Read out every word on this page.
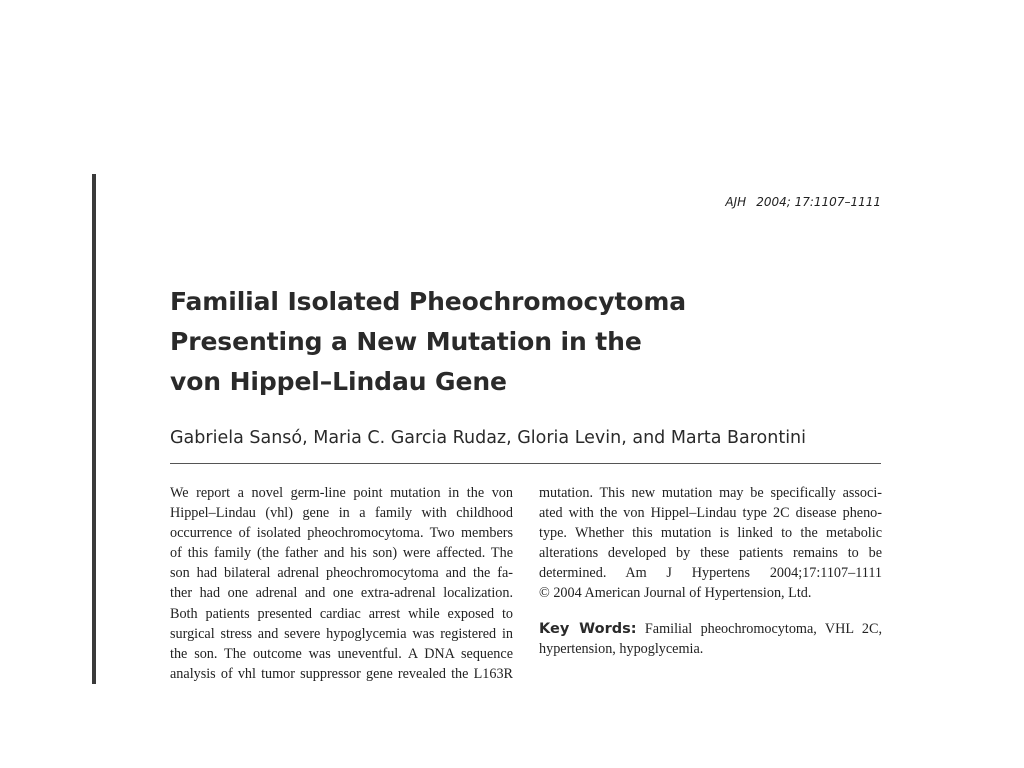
AJH 2004; 17:1107–1111
Familial Isolated Pheochromocytoma
Presenting a New Mutation in the
von Hippel–Lindau Gene
Gabriela Sansó, Maria C. Garcia Rudaz, Gloria Levin, and Marta Barontini
We report a novel germ-line point mutation in the von
Hippel–Lindau (vhl) gene in a family with childhood
occurrence of isolated pheochromocytoma. Two members
of this family (the father and his son) were affected. The
son had bilateral adrenal pheochromocytoma and the fa-
ther had one adrenal and one extra-adrenal localization.
Both patients presented cardiac arrest while exposed to
surgical stress and severe hypoglycemia was registered in
the son. The outcome was uneventful. A DNA sequence
analysis of vhl tumor suppressor gene revealed the L163R
mutation. This new mutation may be specifically associ-
ated with the von Hippel–Lindau type 2C disease pheno-
type. Whether this mutation is linked to the metabolic
alterations developed by these patients remains to be
determined. Am J Hypertens 2004;17:1107–1111
© 2004 American Journal of Hypertension, Ltd.
Key Words: Familial pheochromocytoma, VHL 2C,
hypertension, hypoglycemia.
